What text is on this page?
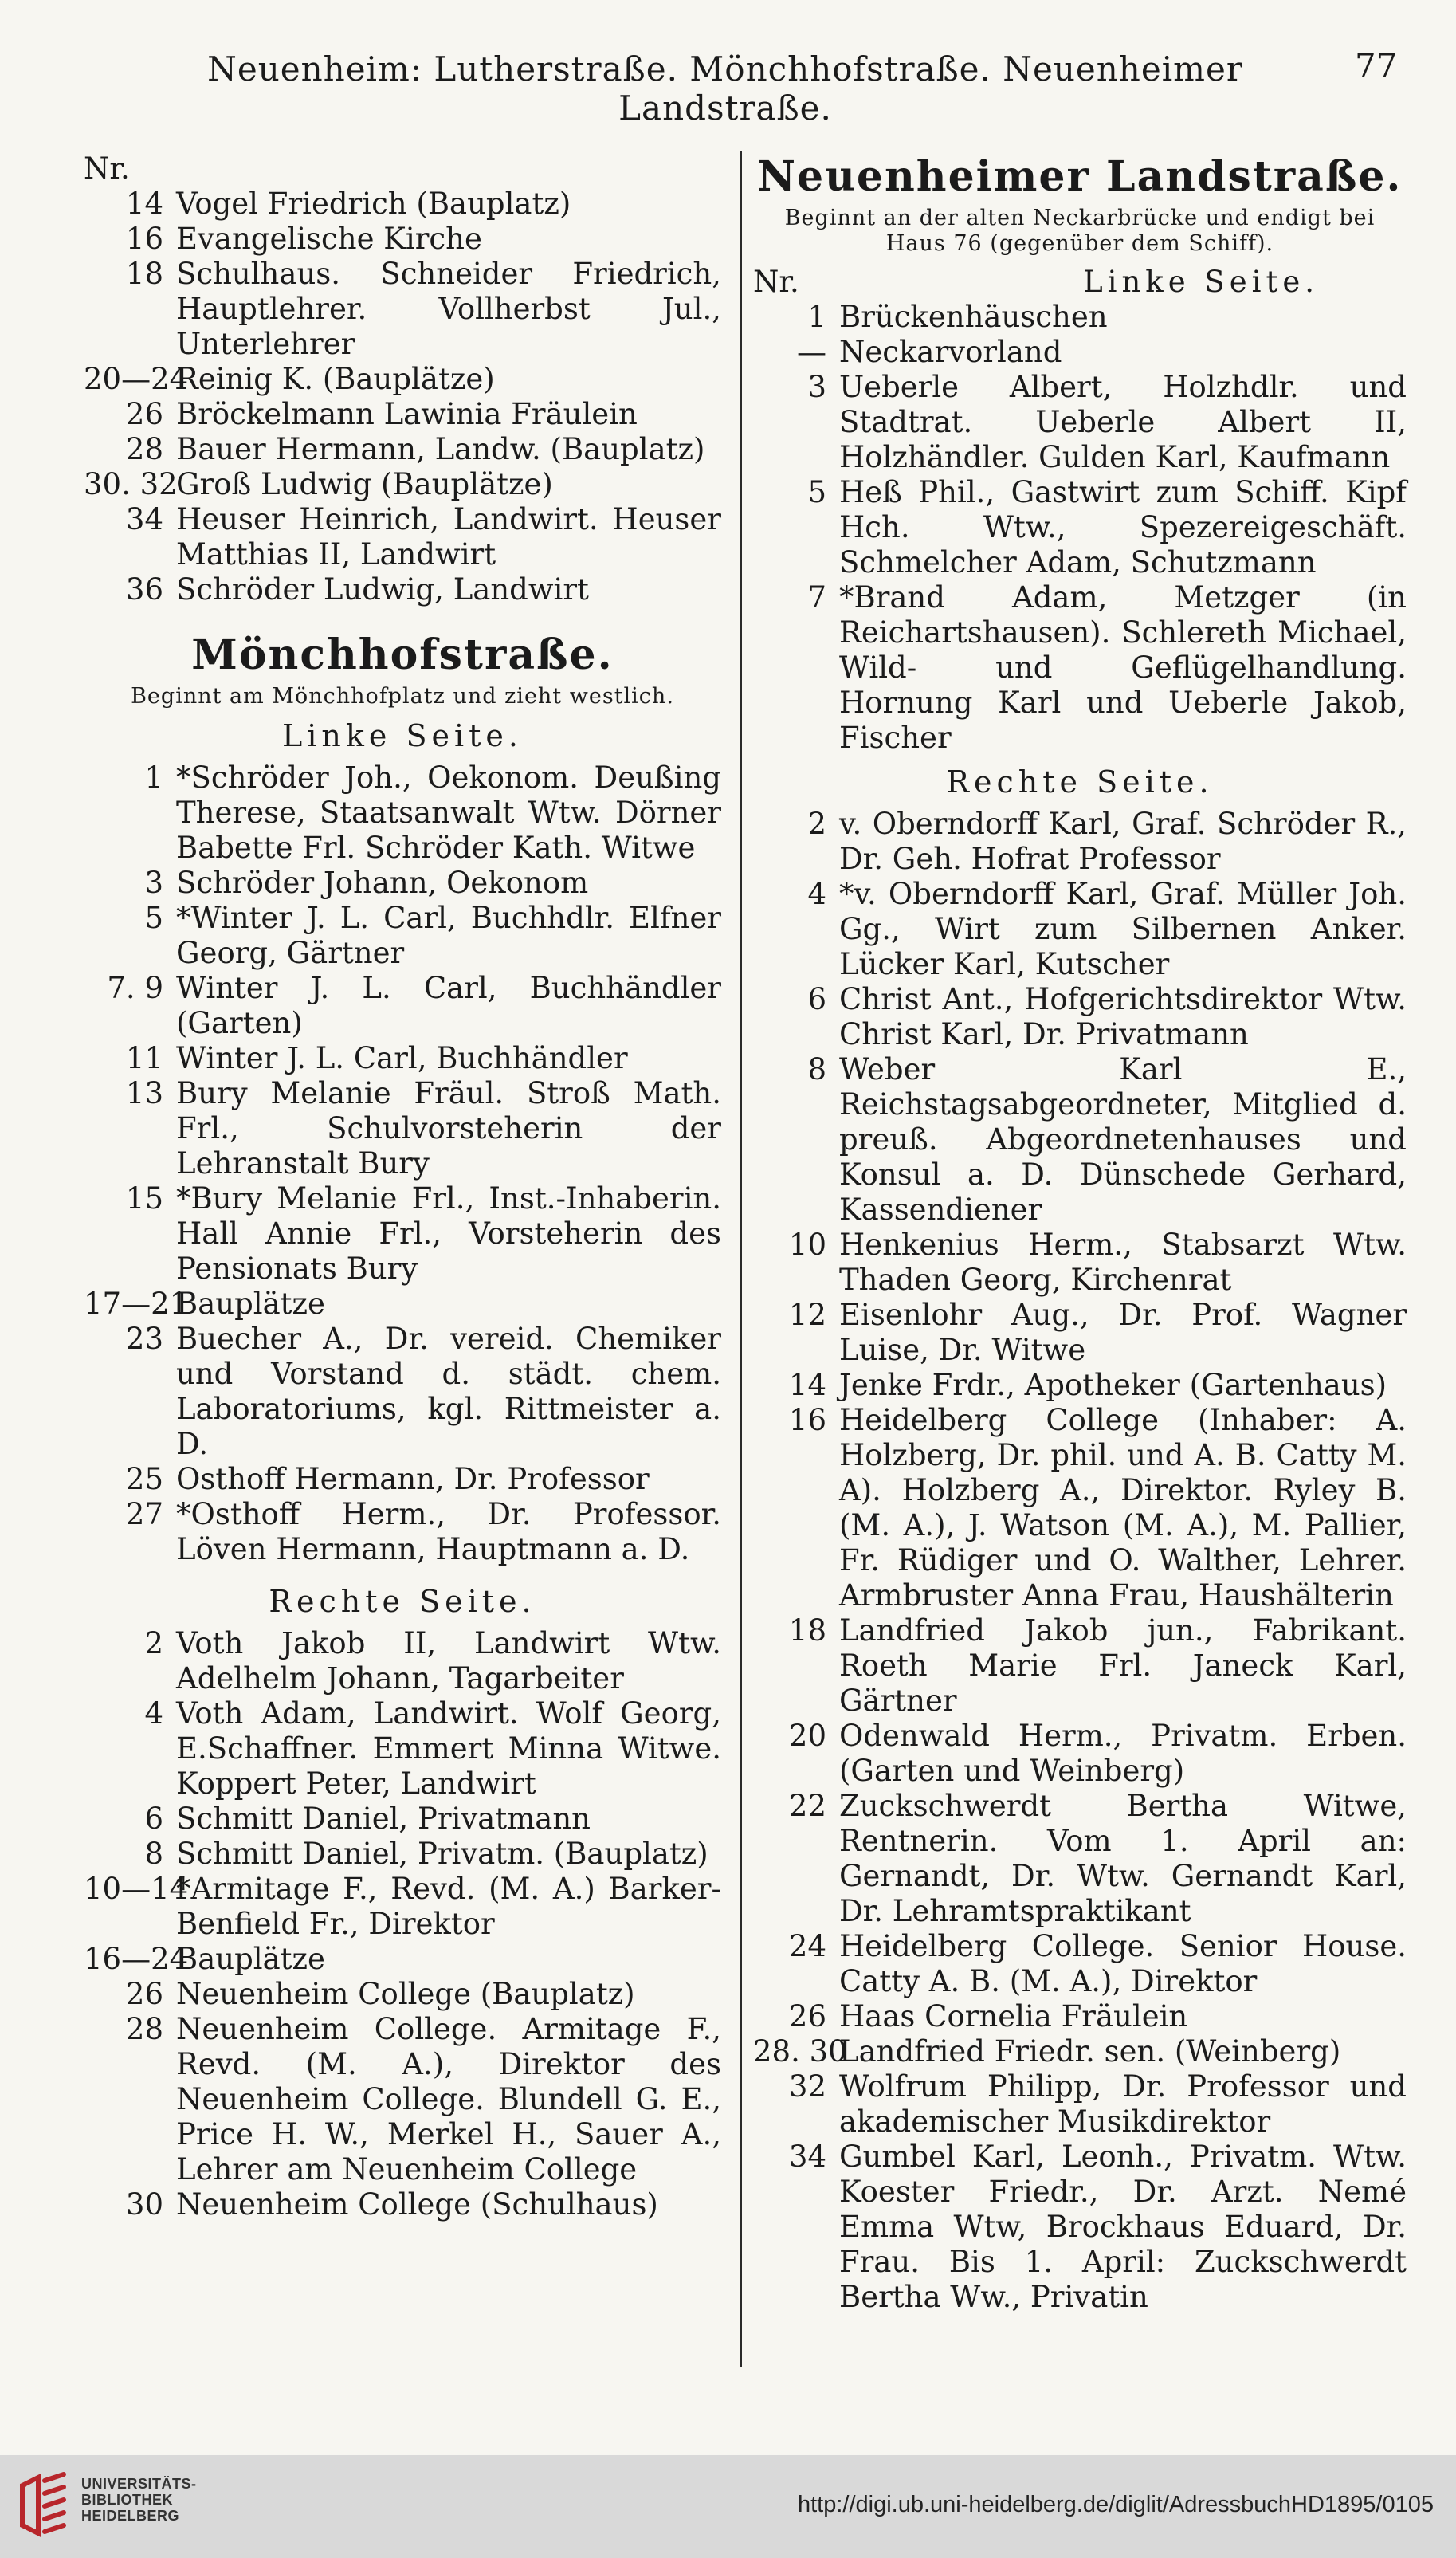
Neuenheim: Lutherstraße. Mönchhofstraße. Neuenheimer Landstraße.
77
Nr.
14 Vogel Friedrich (Bauplatz)
16 Evangelische Kirche
18 Schulhaus. Schneider Friedrich, Hauptlehrer. Vollherbst Jul., Unterlehrer
20—24
Reinig K. (Bauplätze)
26 Bröckelmann Lawinia Fräulein
28 Bauer Hermann, Landw. (Bauplatz)
30. 32
Groß Ludwig (Bauplätze)
34 Heuser Heinrich, Landwirt. Heuser Matthias II, Landwirt
36 Schröder Ludwig, Landwirt
Mönchhofstraße.
Beginnt am Mönchhofplatz und zieht westlich.
Linke Seite.
1 *Schröder Joh., Oekonom. Deußing Therese, Staatsanwalt Wtw. Dörner Babette Frl. Schröder Kath. Witwe
3 Schröder Johann, Oekonom
5 *Winter J. L. Carl, Buchhdlr. Elfner Georg, Gärtner
7. 9 Winter J. L. Carl, Buchhändler (Garten)
11 Winter J. L. Carl, Buchhändler
13 Bury Melanie Fräul. Stroß Math. Frl., Schulvorsteherin der Lehranstalt Bury
15 *Bury Melanie Frl., Inst.-Inhaberin. Hall Annie Frl., Vorsteherin des Pensionats Bury
17—21
Bauplätze
23 Buecher A., Dr. vereid. Chemiker und Vorstand d. städt. chem. Laboratoriums, kgl. Rittmeister a. D.
25 Osthoff Hermann, Dr. Professor
27 *Osthoff Herm., Dr. Professor. Löven Hermann, Hauptmann a. D.
Rechte Seite.
2 Voth Jakob II, Landwirt Wtw. Adelhelm Johann, Tagarbeiter
4 Voth Adam, Landwirt. Wolf Georg, E.Schaffner. Emmert Minna Witwe. Koppert Peter, Landwirt
6 Schmitt Daniel, Privatmann
8 Schmitt Daniel, Privatm. (Bauplatz)
10—14
*Armitage F., Revd. (M. A.) Barker-Benfield Fr., Direktor
16—24
Bauplätze
26 Neuenheim College (Bauplatz)
28 Neuenheim College. Armitage F., Revd. (M. A.), Direktor des Neuenheim College. Blundell G. E., Price H. W., Merkel H., Sauer A., Lehrer am Neuenheim College
30 Neuenheim College (Schulhaus)
Neuenheimer Landstraße.
Beginnt an der alten Neckarbrücke und endigt bei Haus 76 (gegenüber dem Schiff).
Nr.	Linke Seite.
1 Brückenhäuschen
— Neckarvorland
3 Ueberle Albert, Holzhdlr. und Stadtrat. Ueberle Albert II, Holzhändler. Gulden Karl, Kaufmann
5 Heß Phil., Gastwirt zum Schiff. Kipf Hch. Wtw., Spezereigeschäft. Schmelcher Adam, Schutzmann
7 *Brand Adam, Metzger (in Reichartshausen). Schlereth Michael, Wild- und Geflügelhandlung. Hornung Karl und Ueberle Jakob, Fischer
Rechte Seite.
2 v. Oberndorff Karl, Graf. Schröder R., Dr. Geh. Hofrat Professor
4 *v. Oberndorff Karl, Graf. Müller Joh. Gg., Wirt zum Silbernen Anker. Lücker Karl, Kutscher
6 Christ Ant., Hofgerichtsdirektor Wtw. Christ Karl, Dr. Privatmann
8 Weber Karl E., Reichstagsabgeordneter, Mitglied d. preuß. Abgeordnetenhauses und Konsul a. D. Dünschede Gerhard, Kassendiener
10 Henkenius Herm., Stabsarzt Wtw. Thaden Georg, Kirchenrat
12 Eisenlohr Aug., Dr. Prof. Wagner Luise, Dr. Witwe
14 Jenke Frdr., Apotheker (Gartenhaus)
16 Heidelberg College (Inhaber: A. Holzberg, Dr. phil. und A. B. Catty M. A). Holzberg A., Direktor. Ryley B. (M. A.), J. Watson (M. A.), M. Pallier, Fr. Rüdiger und O. Walther, Lehrer. Armbruster Anna Frau, Haushälterin
18 Landfried Jakob jun., Fabrikant. Roeth Marie Frl. Janeck Karl, Gärtner
20 Odenwald Herm., Privatm. Erben. (Garten und Weinberg)
22 Zuckschwerdt Bertha Witwe, Rentnerin. Vom 1. April an: Gernandt, Dr. Wtw. Gernandt Karl, Dr. Lehramtspraktikant
24 Heidelberg College. Senior House. Catty A. B. (M. A.), Direktor
26 Haas Cornelia Fräulein
28. 30
Landfried Friedr. sen. (Weinberg)
32 Wolfrum Philipp, Dr. Professor und akademischer Musikdirektor
34 Gumbel Karl, Leonh., Privatm. Wtw. Koester Friedr., Dr. Arzt. Nemé Emma Wtw, Brockhaus Eduard, Dr. Frau. Bis 1. April: Zuckschwerdt Bertha Ww., Privatin
UNIVERSITÄTS-
BIBLIOTHEK
HEIDELBERG	http://digi.ub.uni-heidelberg.de/diglit/AdressbuchHD1895/0105
